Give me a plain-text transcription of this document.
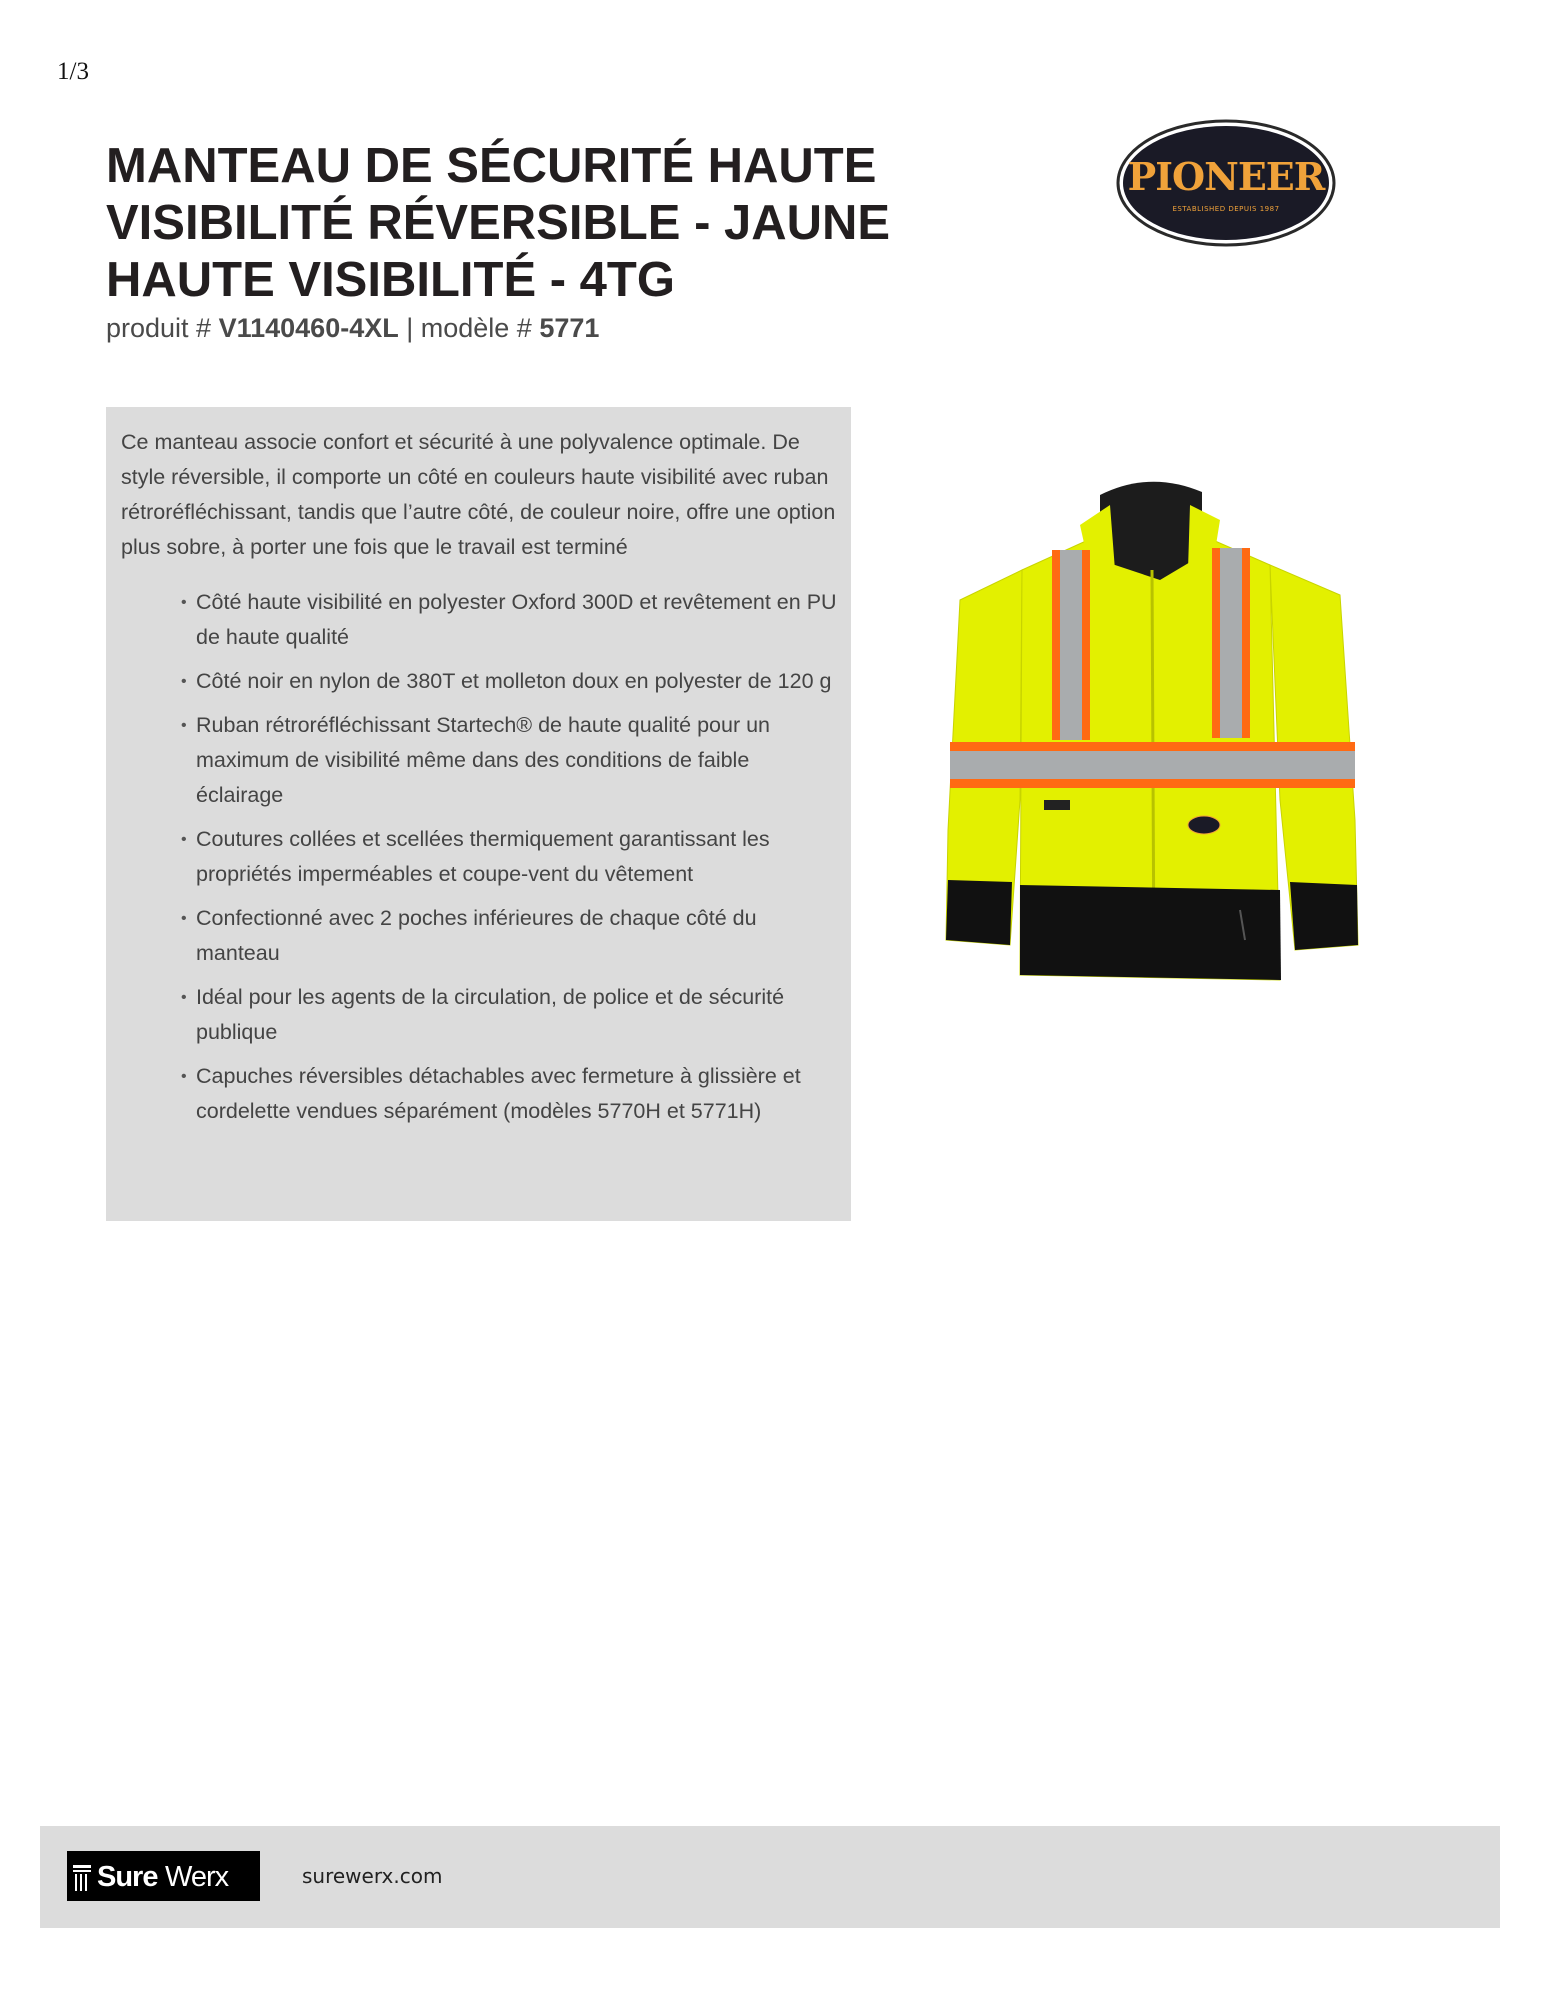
1/3
MANTEAU DE SÉCURITÉ HAUTE VISIBILITÉ RÉVERSIBLE - JAUNE HAUTE VISIBILITÉ - 4TG
produit # V1140460-4XL | modèle # 5771
PIONEER
ESTABLISHED DEPUIS 1987

Ce manteau associe confort et sécurité à une polyvalence optimale. De style réversible, il comporte un côté en couleurs haute visibilité avec ruban rétroréfléchissant, tandis que l’autre côté, de couleur noire, offre une option plus sobre, à porter une fois que le travail est terminé

• Côté haute visibilité en polyester Oxford 300D et revêtement en PU de haute qualité
• Côté noir en nylon de 380T et molleton doux en polyester de 120 g
• Ruban rétroréfléchissant Startech® de haute qualité pour un maximum de visibilité même dans des conditions de faible éclairage
• Coutures collées et scellées thermiquement garantissant les propriétés imperméables et coupe-vent du vêtement
• Confectionné avec 2 poches inférieures de chaque côté du manteau
• Idéal pour les agents de la circulation, de police et de sécurité publique
• Capuches réversibles détachables avec fermeture à glissière et cordelette vendues séparément (modèles 5770H et 5771H)
Sure Werx	surewerx.com
